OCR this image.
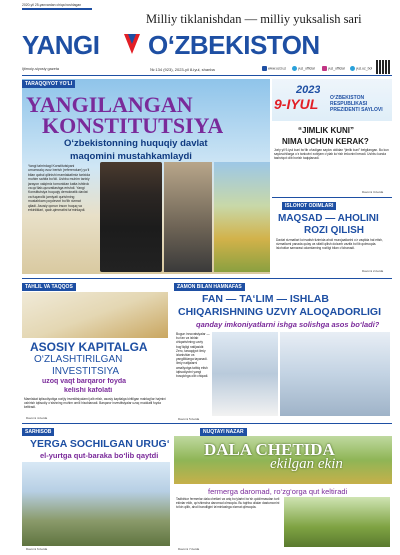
2020-yil 25-yanvardan chiqa boshlagan
Milliy tiklanishdan — milliy yuksalish sari
YANGI O‘ZBEKISTON
Ijtimoiy-siyosiy gazeta	№ 134 (923), 2023-yil 8-iyul, shanba	www.uzd.uz	yuz_official	yuz_official	yuz.uz_bot
TARAQQIYOT YO'LI
YANGILANGAN
KONSTITUTSIYA
O‘zbekistonning huquqiy davlat
maqomini mustahkamlaydi
Yangi tahrirdagi Konstitutsiyani umumxalq ovoz berish (referendum) yo‘li bilan qabul qilinishi mamlakatimiz tarixida muhim sahifa bo‘ldi. Ushbu muhim tarixiy jarayon xalqimiz tomonidan katta ishtirok va qo‘llab-quvvatlashga erishdi. Yangi Konstitutsiya huquqiy demokratik davlat va fuqarolik jamiyati qurishning mustahkam poydevori bo‘lib xizmat qiladi. Asosiy qonun inson huquq va erkinliklari, qadr-qimmatini ta‘minlaydi.
2023
9-IYUL O‘ZBEKISTON
RESPUBLIKASI
PREZIDENTI SAYLOVI
“JIMLIK KUNI”
NIMA UCHUN KERAK?
Joriy yil 9-iyul kuni bo‘lib o‘tadigan saylov oldidan “jimlik kuni” belgilangan. Bu kun saylovchilarga o‘z tanlovini xotirjam o‘ylab ko‘rish imkonini beradi. Ushbu kunda tashviqot olib borish taqiqlanadi.
Davomi 3-betda
ISLOHOT ODIMLARI
MAQSAD — AHOLINI
ROZI QILISH
Davlat xizmatlari ko‘rsatish tizimida aholi murojaatlarini o‘z vaqtida hal etish, xizmatlarni yanada qulay va sifatli qilish dolzarb vazifa bo‘lib qolmoqda. Islohotlar samarasi odamlarning roziligi bilan o‘lchanadi.
Davomi 2-betda
TAHLIL VA TAQQOS
ASOSIY KAPITALGA
O‘ZLASHTIRILGAN
INVESTITSIYA
uzoq vaqt barqaror foyda
kelishi kafolati
Mamlakat iqtisodiyotiga xorijiy investitsiyalarni jalb etish, asosiy kapitalga kiritilgan mablag‘lar hajmini oshirish iqtisodiy o‘sishning muhim omili hisoblanadi. Barqaror investitsiyalar uzoq muddatli foyda keltiradi.
Davomi 4-betda
ZAMON BILAN HAMNAFAS
FAN — TA‘LIM — ISHLAB
CHIQARISHNING UZVIY ALOQADORLIGI
qanday imkoniyatlarni ishga solishga asos bo‘ladi?
Bugun innovatsiyalar — bu fan va ishlab chiqarishning uzviy bog‘liqligi natijasidir. Zero, taraqqiyot ilmiy izlanishlar va yangiliklarga tayanadi. Ilmiy natijalarni amaliyotga tatbiq etish iqtisodiyotni yangi bosqichga olib chiqadi.
Davomi 5-betda
SARHISOB
YERGA SOCHILGAN URUG‘
el-yurtga qut-baraka bo‘lib qaytdi
Davomi 6-betda
NUQTAYI NAZAR
DALA CHETIDA
ekilgan ekin
fermerga daromad, ro‘zg‘orga qut keltiradi
Tadbirkor fermerlar dala chetlari va ariq bo‘ylarini bo‘sh qoldirmasdan turli ekinlar ekib, qo‘shimcha daromad olmoqda. Bu tajriba oilalar dasturxonini to‘kin qilib, aholi bandligini ta‘minlashga xizmat qilmoqda.
Davomi 7-betda
